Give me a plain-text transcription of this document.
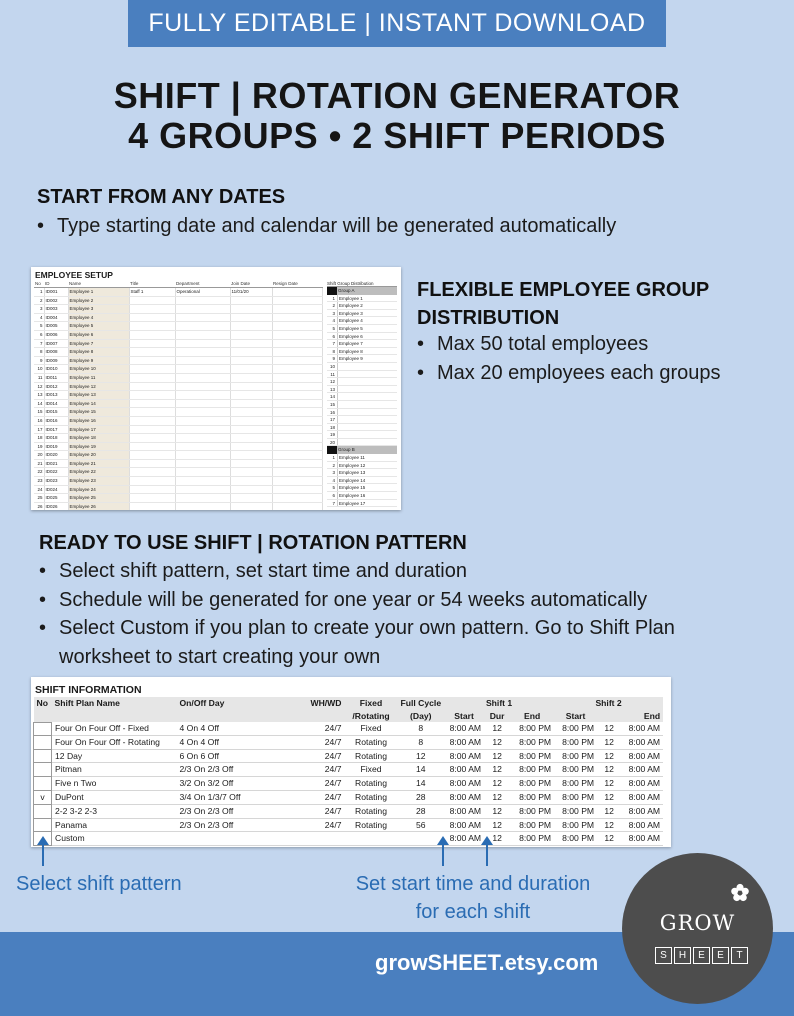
FULLY EDITABLE | INSTANT DOWNLOAD
SHIFT | ROTATION GENERATOR
4 GROUPS • 2 SHIFT PERIODS
START FROM ANY DATES
• Type starting date and calendar will be generated automatically
EMPLOYEE SETUP
No	ID	Name	Title	Department	Join Date	Resign Date
1	ID001	Employee 1	Staff 1	Operational	11/01/20	
2	ID002	Employee 2				
3	ID003	Employee 3				
4	ID004	Employee 4				
5	ID005	Employee 5				
6	ID006	Employee 6				
7	ID007	Employee 7				
8	ID008	Employee 8				
9	ID009	Employee 9				
10	ID010	Employee 10				
11	ID011	Employee 11				
12	ID012	Employee 12				
13	ID013	Employee 13				
14	ID014	Employee 14				
15	ID015	Employee 15				
16	ID016	Employee 16				
17	ID017	Employee 17				
18	ID018	Employee 18				
19	ID019	Employee 19				
20	ID020	Employee 20				
21	ID021	Employee 21				
22	ID022	Employee 22				
23	ID023	Employee 23				
24	ID024	Employee 24				
25	ID025	Employee 25				
26	ID026	Employee 26				

Shift Group Distribution
Group A
1 Employee 1
2 Employee 2
3 Employee 3
4 Employee 4
5 Employee 5
6 Employee 6
7 Employee 7
8 Employee 8
9 Employee 9
10
11
12
13
14
15
16
17
18
19
20
Group B
1 Employee 11
2 Employee 12
3 Employee 13
4 Employee 14
5 Employee 15
6 Employee 16
7 Employee 17
FLEXIBLE EMPLOYEE GROUP
DISTRIBUTION
• Max 50 total employees
• Max 20 employees each groups
READY TO USE SHIFT | ROTATION PATTERN
• Select shift pattern, set start time and duration
• Schedule will be generated for one year or 54 weeks automatically
• Select Custom if you plan to create your own pattern. Go to Shift Plan worksheet to start creating your own
SHIFT INFORMATION
No	Shift Plan Name	On/Off Day	WH/WD	Fixed	Full Cycle	Shift 1			Shift 2		
				/Rotating	(Day)	Start	Dur	End	Start		End
	Four On Four Off - Fixed	4 On 4 Off	24/7	Fixed	8	8:00 AM	12	8:00 PM	8:00 PM	12	8:00 AM
	Four On Four Off - Rotating	4 On 4 Off	24/7	Rotating	8	8:00 AM	12	8:00 PM	8:00 PM	12	8:00 AM
	12 Day	6 On 6 Off	24/7	Rotating	12	8:00 AM	12	8:00 PM	8:00 PM	12	8:00 AM
	Pitman	2/3 On 2/3 Off	24/7	Fixed	14	8:00 AM	12	8:00 PM	8:00 PM	12	8:00 AM
	Five n Two	3/2 On 3/2 Off	24/7	Rotating	14	8:00 AM	12	8:00 PM	8:00 PM	12	8:00 AM
v	DuPont	3/4 On 1/3/7 Off	24/7	Rotating	28	8:00 AM	12	8:00 PM	8:00 PM	12	8:00 AM
	2-2 3-2 2-3	2/3 On 2/3 Off	24/7	Rotating	28	8:00 AM	12	8:00 PM	8:00 PM	12	8:00 AM
	Panama	2/3 On 2/3 Off	24/7	Rotating	56	8:00 AM	12	8:00 PM	8:00 PM	12	8:00 AM
	Custom					8:00 AM	12	8:00 PM	8:00 PM	12	8:00 AM
Select shift pattern	Set start time and duration
for each shift
growSHEET.etsy.com
GROW
S	H	E	E	T
